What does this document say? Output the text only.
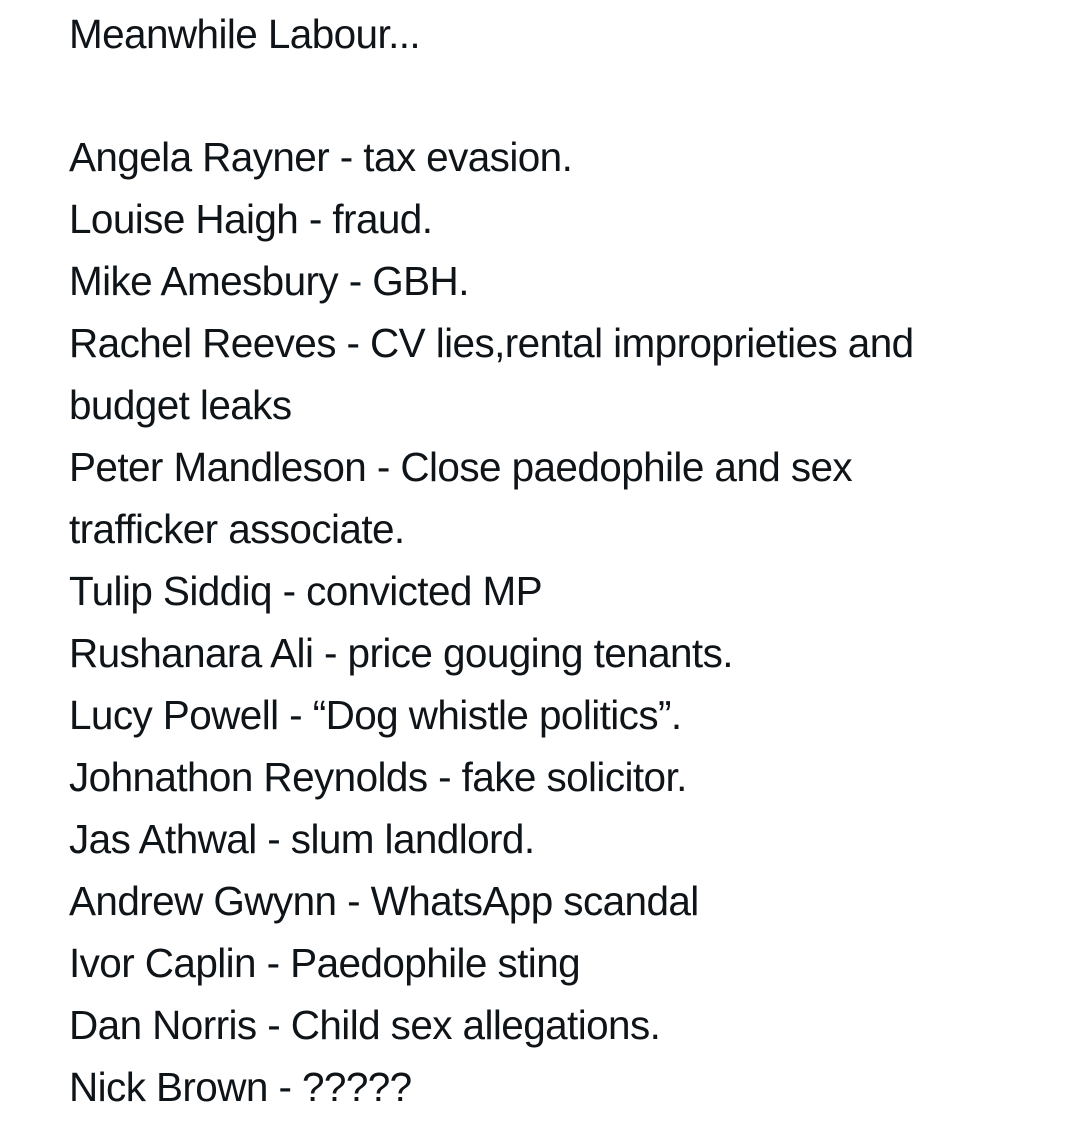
Meanwhile Labour...
Angela Rayner - tax evasion.
Louise Haigh - fraud.
Mike Amesbury - GBH.
Rachel Reeves - CV lies,rental improprieties and
budget leaks
Peter Mandleson - Close paedophile and sex
trafficker associate.
Tulip Siddiq - convicted MP
Rushanara Ali - price gouging tenants.
Lucy Powell - “Dog whistle politics”.
Johnathon Reynolds - fake solicitor.
Jas Athwal - slum landlord.
Andrew Gwynn - WhatsApp scandal
Ivor Caplin - Paedophile sting
Dan Norris - Child sex allegations.
Nick Brown - ?????
